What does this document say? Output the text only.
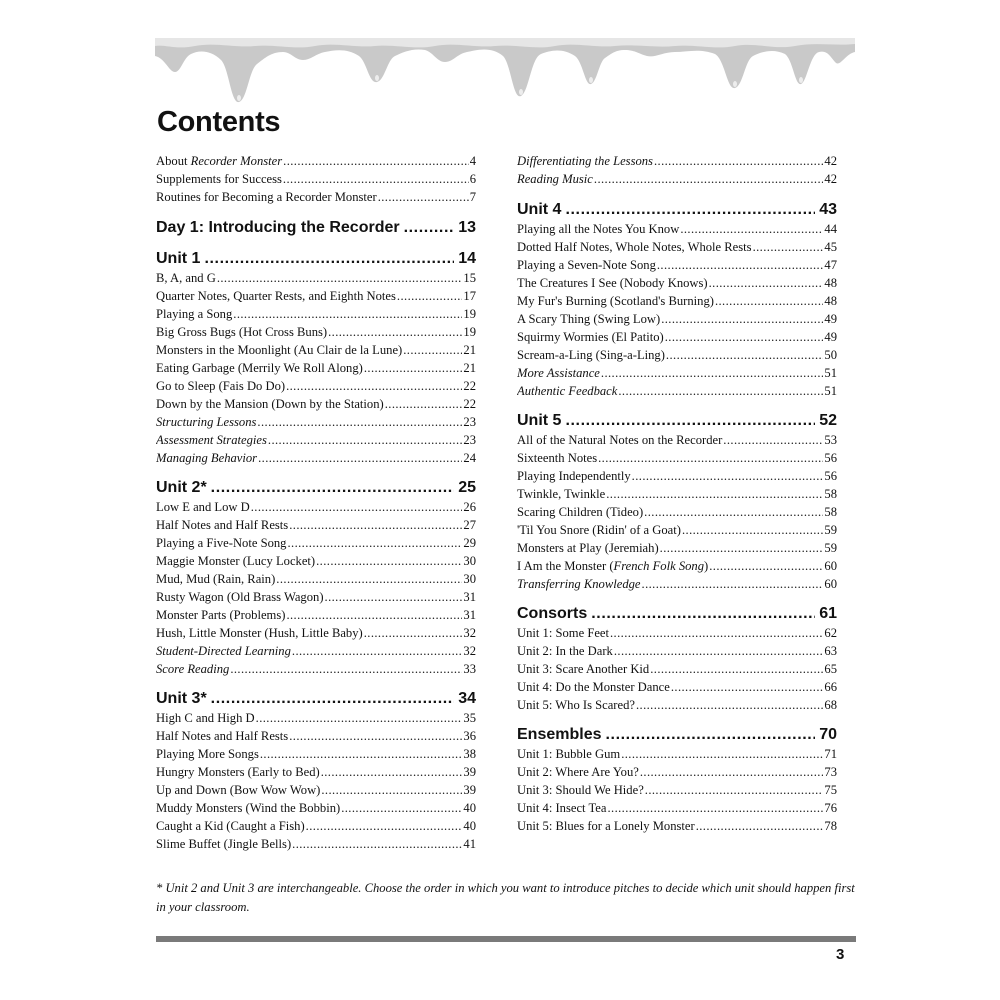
Contents
About Recorder Monster .....	4
Supplements for Success .....	6
Routines for Becoming a Recorder Monster .....	7
Day 1: Introducing the Recorder .....	13
Unit 1 .....	14
B, A, and G .....	15
Quarter Notes, Quarter Rests, and Eighth Notes .....	17
Playing a Song .....	19
Big Gross Bugs (Hot Cross Buns) .....	19
Monsters in the Moonlight (Au Clair de la Lune) .....	21
Eating Garbage (Merrily We Roll Along) .....	21
Go to Sleep (Fais Do Do) .....	22
Down by the Mansion (Down by the Station) .....	22
Structuring Lessons .....	23
Assessment Strategies .....	23
Managing Behavior .....	24
Unit 2* .....	25
Low E and Low D .....	26
Half Notes and Half Rests .....	27
Playing a Five-Note Song .....	29
Maggie Monster (Lucy Locket) .....	30
Mud, Mud (Rain, Rain) .....	30
Rusty Wagon (Old Brass Wagon) .....	31
Monster Parts (Problems) .....	31
Hush, Little Monster (Hush, Little Baby) .....	32
Student-Directed Learning .....	32
Score Reading .....	33
Unit 3* .....	34
High C and High D .....	35
Half Notes and Half Rests .....	36
Playing More Songs .....	38
Hungry Monsters (Early to Bed) .....	39
Up and Down (Bow Wow Wow) .....	39
Muddy Monsters (Wind the Bobbin) .....	40
Caught a Kid (Caught a Fish) .....	40
Slime Buffet (Jingle Bells) .....	41
Differentiating the Lessons .....	42
Reading Music .....	42
Unit 4 .....	43
Playing all the Notes You Know .....	44
Dotted Half Notes, Whole Notes, Whole Rests .....	45
Playing a Seven-Note Song .....	47
The Creatures I See (Nobody Knows) .....	48
My Fur's Burning (Scotland's Burning) .....	48
A Scary Thing (Swing Low) .....	49
Squirmy Wormies (El Patito) .....	49
Scream-a-Ling (Sing-a-Ling) .....	50
More Assistance .....	51
Authentic Feedback .....	51
Unit 5 .....	52
All of the Natural Notes on the Recorder .....	53
Sixteenth Notes .....	56
Playing Independently .....	56
Twinkle, Twinkle .....	58
Scaring Children (Tideo) .....	58
'Til You Snore (Ridin' of a Goat) .....	59
Monsters at Play (Jeremiah) .....	59
I Am the Monster (French Folk Song) .....	60
Transferring Knowledge .....	60
Consorts .....	61
Unit 1: Some Feet .....	62
Unit 2: In the Dark .....	63
Unit 3: Scare Another Kid .....	65
Unit 4: Do the Monster Dance .....	66
Unit 5: Who Is Scared? .....	68
Ensembles .....	70
Unit 1: Bubble Gum .....	71
Unit 2: Where Are You? .....	73
Unit 3: Should We Hide? .....	75
Unit 4: Insect Tea .....	76
Unit 5: Blues for a Lonely Monster .....	78
* Unit 2 and Unit 3 are interchangeable. Choose the order in which you want to introduce pitches to decide which unit should happen first in your classroom.
3
